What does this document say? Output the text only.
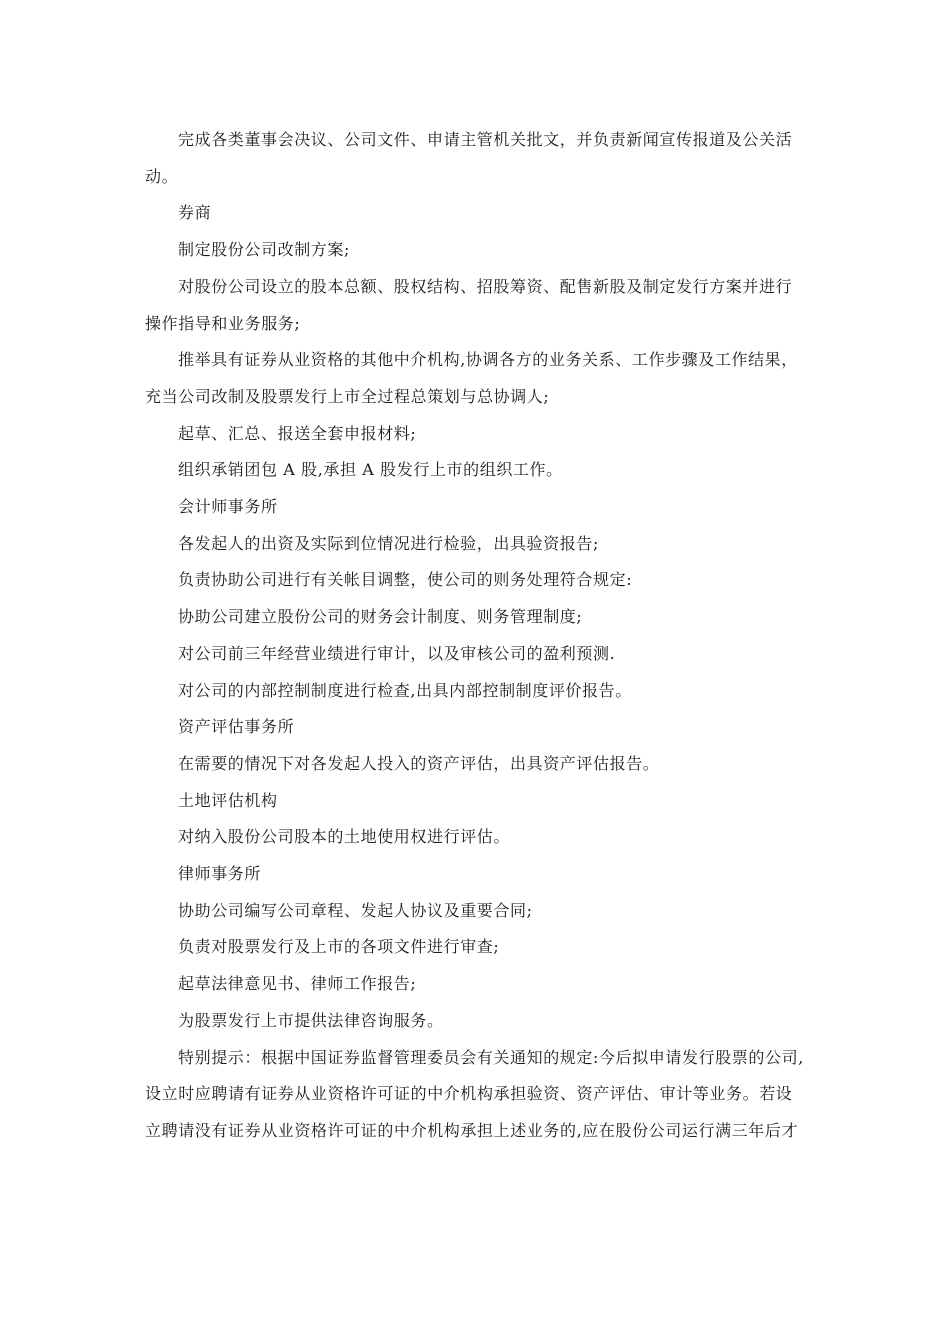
完成各类董事会决议、公司文件、申请主管机关批文，并负责新闻宣传报道及公关活

动。

券商

制定股份公司改制方案;

对股份公司设立的股本总额、股权结构、招股筹资、配售新股及制定发行方案并进行

操作指导和业务服务;

推举具有证券从业资格的其他中介机构,协调各方的业务关系、工作步骤及工作结果，

充当公司改制及股票发行上市全过程总策划与总协调人;

起草、汇总、报送全套申报材料;

组织承销团包 A 股,承担 A 股发行上市的组织工作。

会计师事务所

各发起人的出资及实际到位情况进行检验，出具验资报告;

负责协助公司进行有关帐目调整，使公司的则务处理符合规定:

协助公司建立股份公司的财务会计制度、则务管理制度;

对公司前三年经营业绩进行审计，以及审核公司的盈利预测.

对公司的内部控制制度进行检查,出具内部控制制度评价报告。

资产评估事务所

在需要的情况下对各发起人投入的资产评估，出具资产评估报告。

土地评估机构

对纳入股份公司股本的土地使用权进行评估。

律师事务所

协助公司编写公司章程、发起人协议及重要合同;

负责对股票发行及上市的各项文件进行审查;

起草法律意见书、律师工作报告;

为股票发行上市提供法律咨询服务。

特别提示：根据中国证券监督管理委员会有关通知的规定:今后拟申请发行股票的公司,

设立时应聘请有证券从业资格许可证的中介机构承担验资、资产评估、审计等业务。若设

立聘请没有证券从业资格许可证的中介机构承担上述业务的,应在股份公司运行满三年后才
